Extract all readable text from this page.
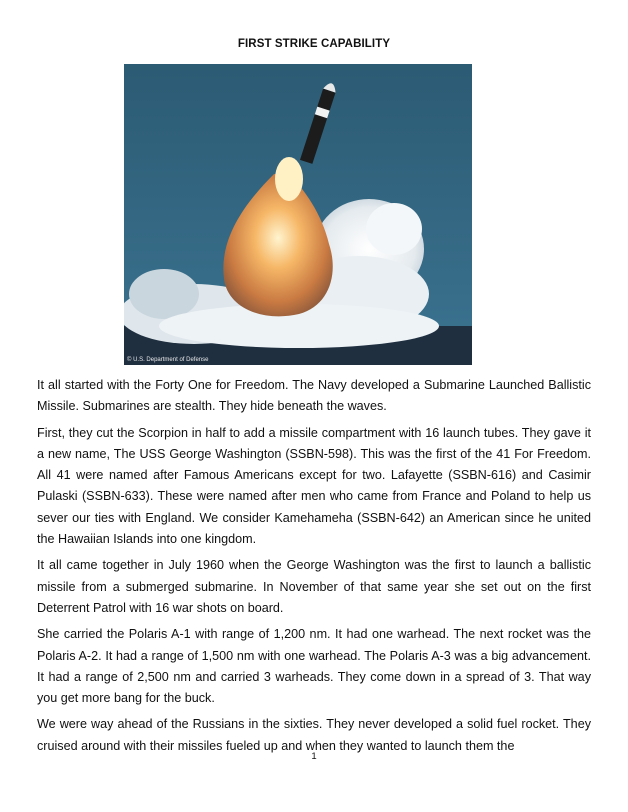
FIRST STRIKE CAPABILITY
© U.S. Department of Defense

It all started with the Forty One for Freedom. The Navy developed a Submarine Launched Ballistic Missile. Submarines are stealth. They hide beneath the waves.

First, they cut the Scorpion in half to add a missile compartment with 16 launch tubes. They gave it a new name, The USS George Washington (SSBN-598). This was the first of the 41 For Freedom. All 41 were named after Famous Americans except for two. Lafayette (SSBN-616) and Casimir Pulaski (SSBN-633). These were named after men who came from France and Poland to help us sever our ties with England. We consider Kamehameha (SSBN-642) an American since he united the Hawaiian Islands into one kingdom.

It all came together in July 1960 when the George Washington was the first to launch a ballistic missile from a submerged submarine. In November of that same year she set out on the first Deterrent Patrol with 16 war shots on board.

She carried the Polaris A-1 with range of 1,200 nm. It had one warhead. The next rocket was the Polaris A-2. It had a range of 1,500 nm with one warhead. The Polaris A-3 was a big advancement. It had a range of 2,500 nm and carried 3 warheads. They come down in a spread of 3. That way you get more bang for the buck.

We were way ahead of the Russians in the sixties. They never developed a solid fuel rocket. They cruised around with their missiles fueled up and when they wanted to launch them the

1
